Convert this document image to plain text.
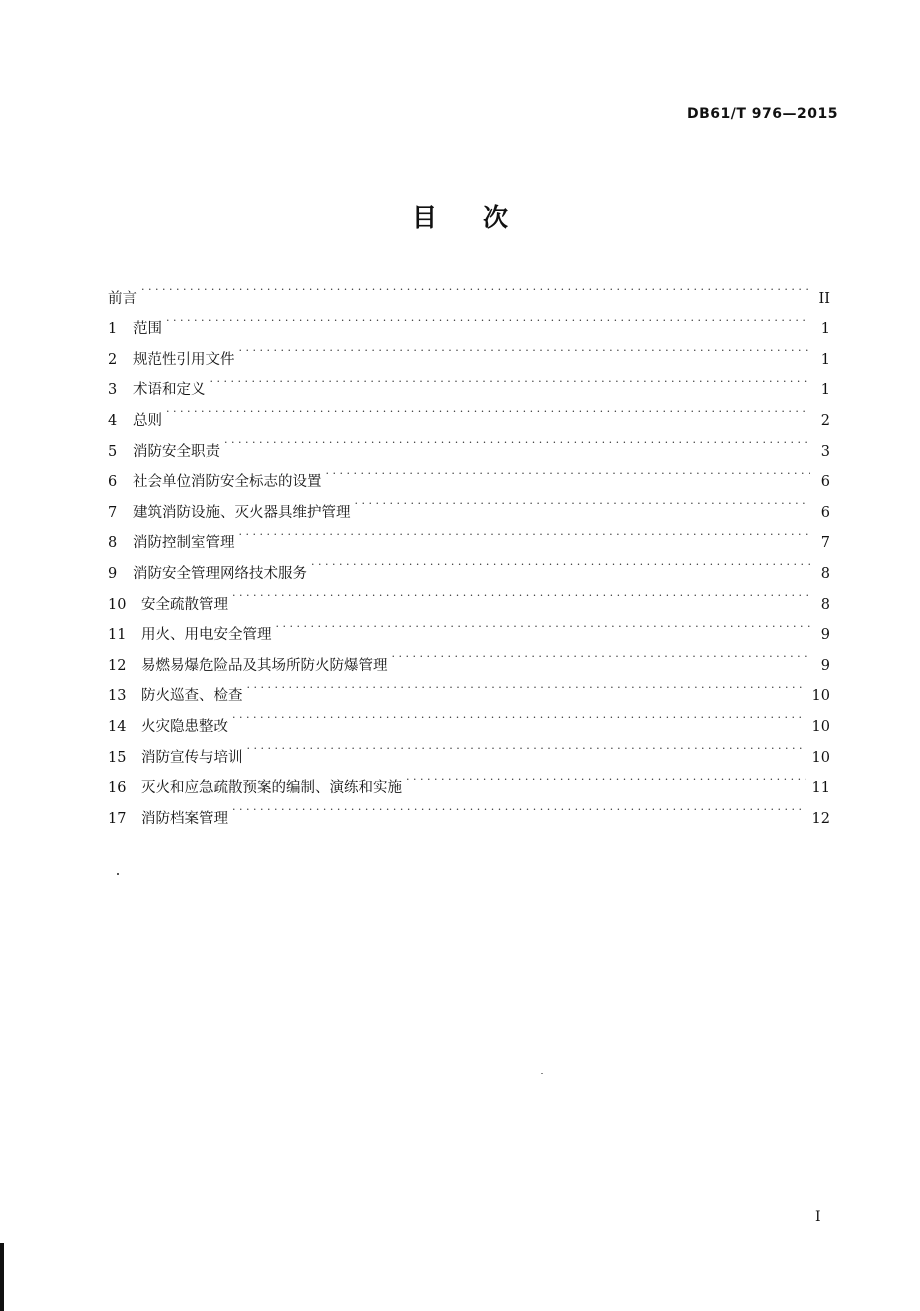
DB61/T 976—2015
目次
前言 . . .	II
1	范围 . . .	1
2	规范性引用文件 . . .	1
3	术语和定义 . . .	1
4	总则 . . .	2
5	消防安全职责 . . .	3
6	社会单位消防安全标志的设置 . . .	6
7	建筑消防设施、灭火器具维护管理 . . .	6
8	消防控制室管理 . . .	7
9	消防安全管理网络技术服务 . . .	8
10	安全疏散管理 . . .	8
11	用火、用电安全管理 . . .	9
12	易燃易爆危险品及其场所防火防爆管理 . . .	9
13	防火巡查、检查 . . .	10
14	火灾隐患整改 . . .	10
15	消防宣传与培训 . . .	10
16	灭火和应急疏散预案的编制、演练和实施 . . .	11
17	消防档案管理 . . .	12
I
